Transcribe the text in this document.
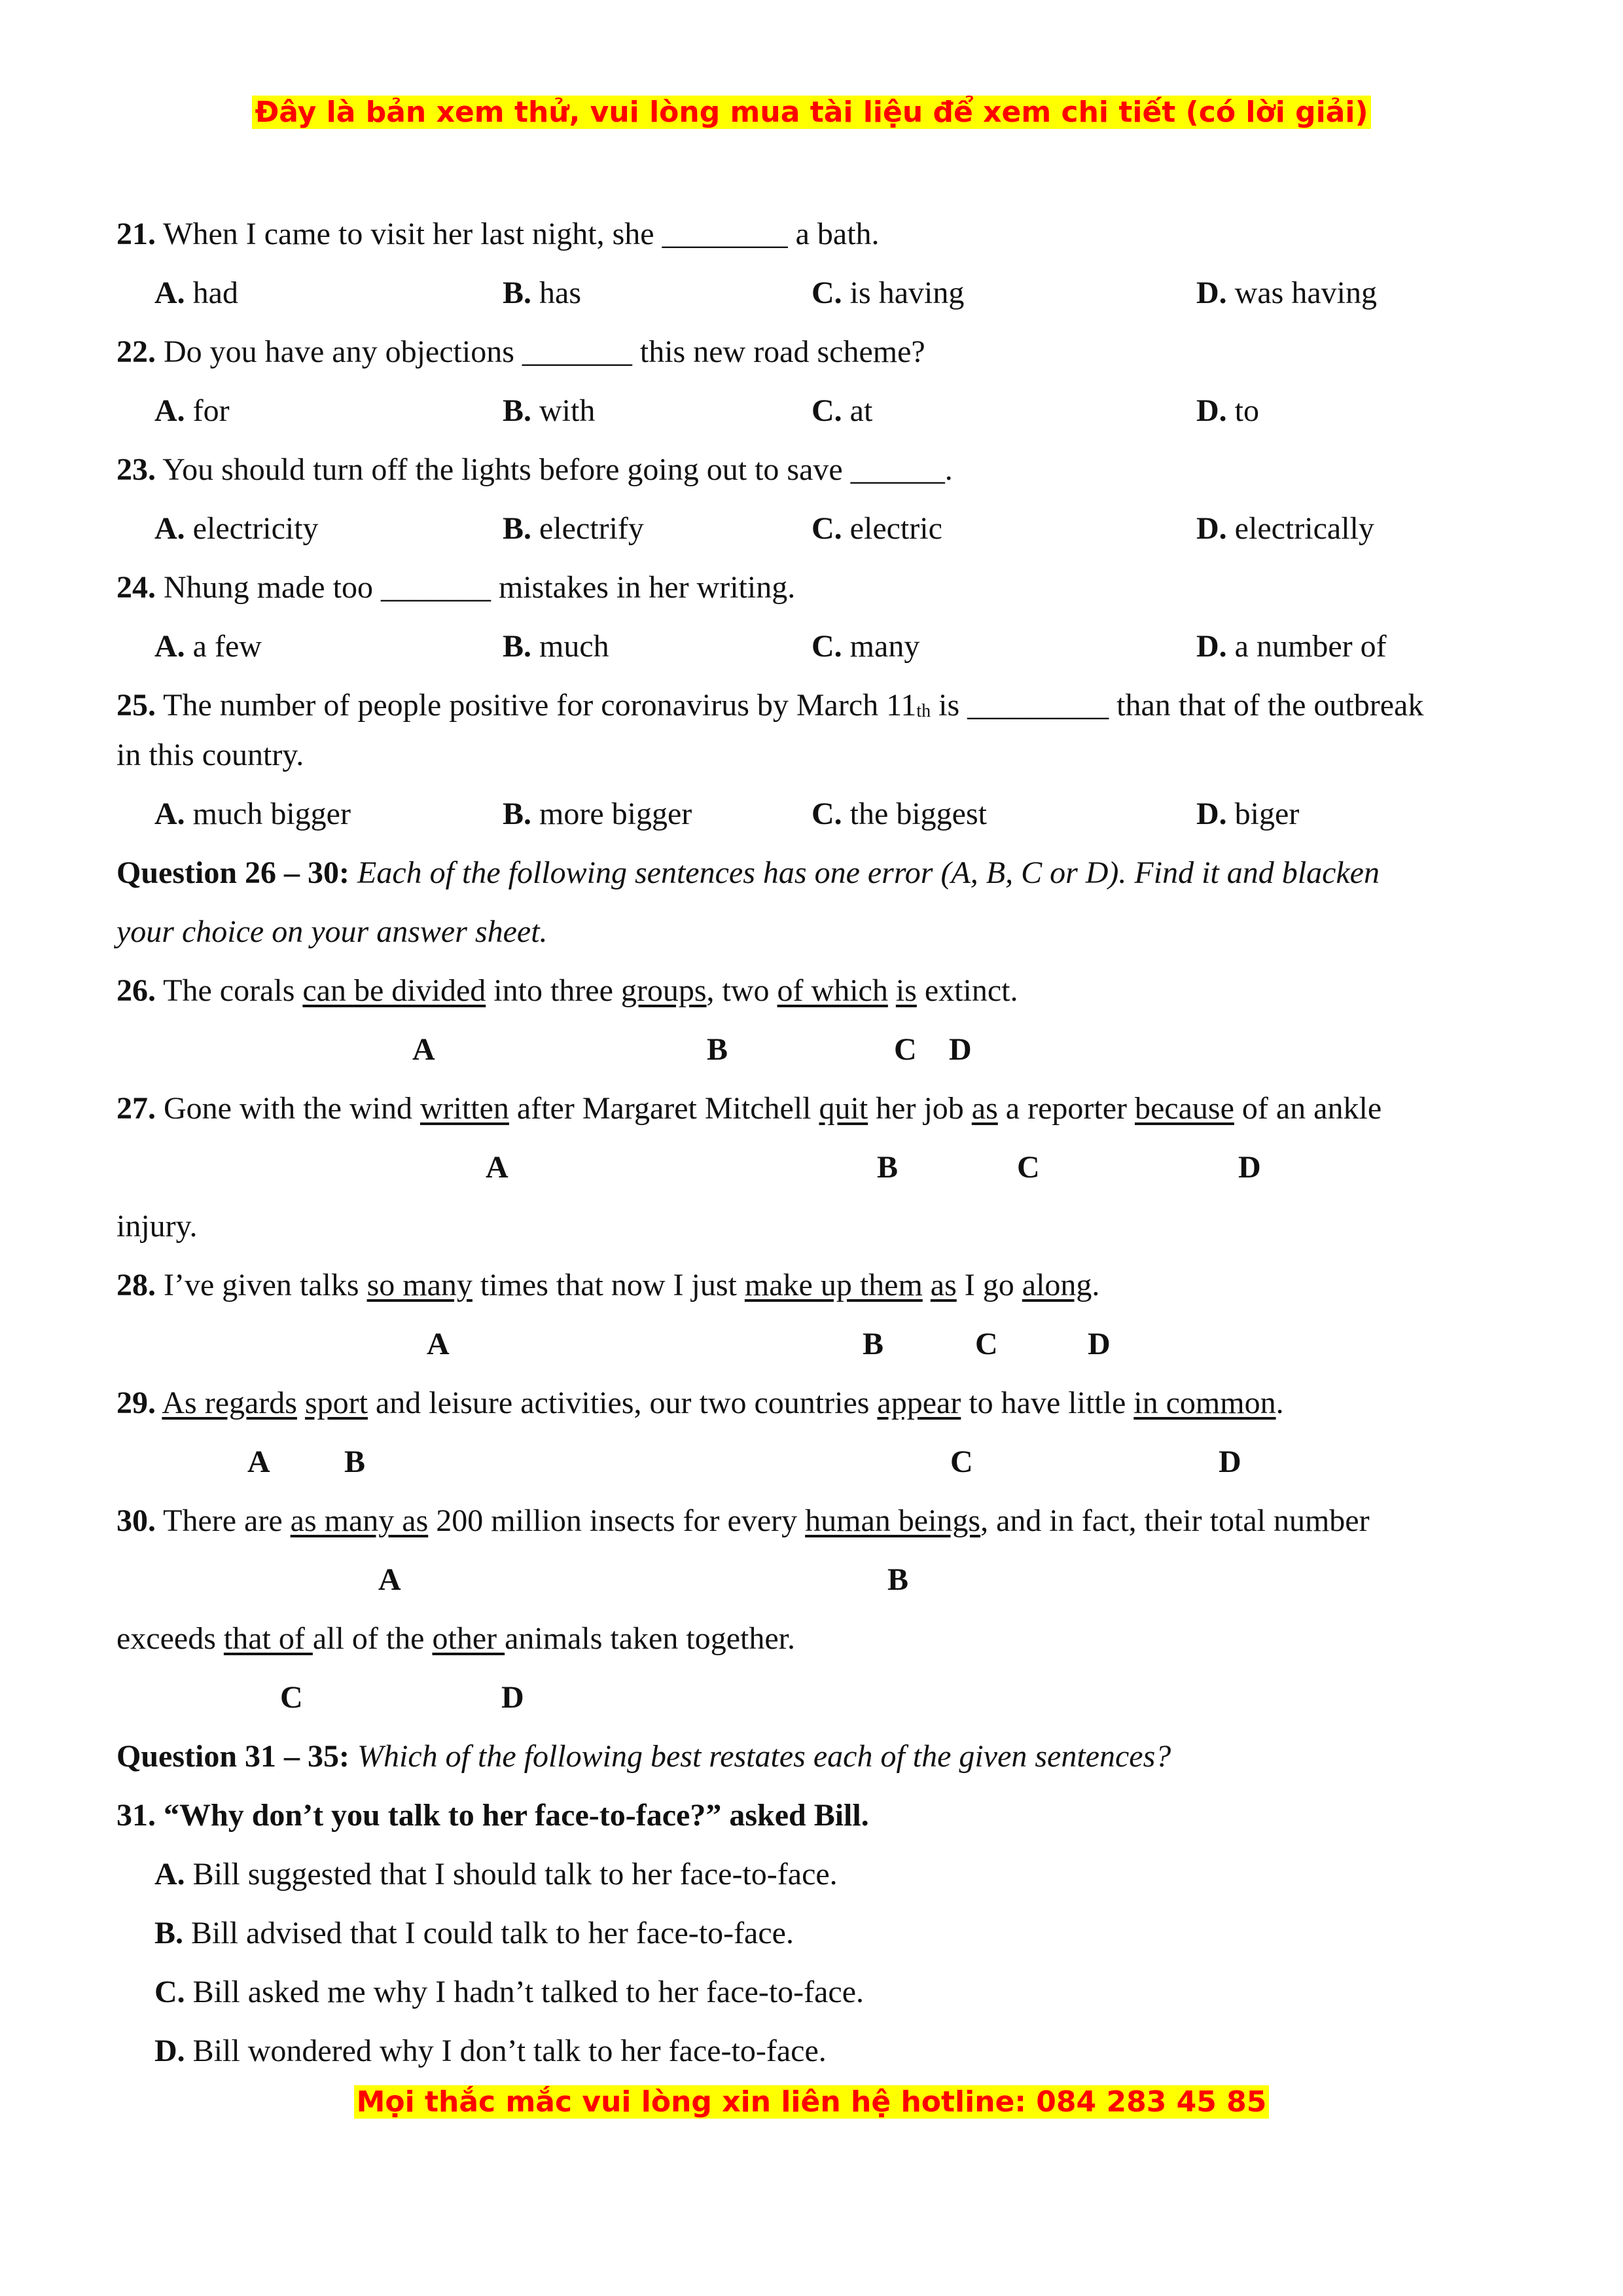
Đây là bản xem thử, vui lòng mua tài liệu để xem chi tiết (có lời giải)
21. When I came to visit her last night, she ________ a bath.
A. had	B. has	C. is having	D. was having
22. Do you have any objections _______ this new road scheme?
A. for	B. with	C. at	D. to
23. You should turn off the lights before going out to save ______.
A. electricity	B. electrify	C. electric	D. electrically
24. Nhung made too _______ mistakes in her writing.
A. a few	B. much	C. many	D. a number of
25. The number of people positive for coronavirus by March $11_{th}$ is _________ than that of the outbreak
in this country.
A. much bigger	B. more bigger	C. the biggest	D. biger
Question 26 – 30: Each of the following sentences has one error (A, B, C or D). Find it and blacken
your choice on your answer sheet.
26. The corals can be divided into three groups, two of which is extinct.
A	B	C D
27. Gone with the wind written after Margaret Mitchell quit her job as a reporter because of an ankle
A	B	C	D
injury.
28. I’ve given talks so many times that now I just make up them as I go along.
A	B	C	D
29. As regards sport and leisure activities, our two countries appear to have little in common.
A B	C	D
30. There are as many as 200 million insects for every human beings, and in fact, their total number
A	B
exceeds that of all of the other animals taken together.
C	D
Question 31 – 35: Which of the following best restates each of the given sentences?
31. “Why don’t you talk to her face-to-face?” asked Bill.
A. Bill suggested that I should talk to her face-to-face.
B. Bill advised that I could talk to her face-to-face.
C. Bill asked me why I hadn’t talked to her face-to-face.
D. Bill wondered why I don’t talk to her face-to-face.
Mọi thắc mắc vui lòng xin liên hệ hotline: 084 283 45 85
